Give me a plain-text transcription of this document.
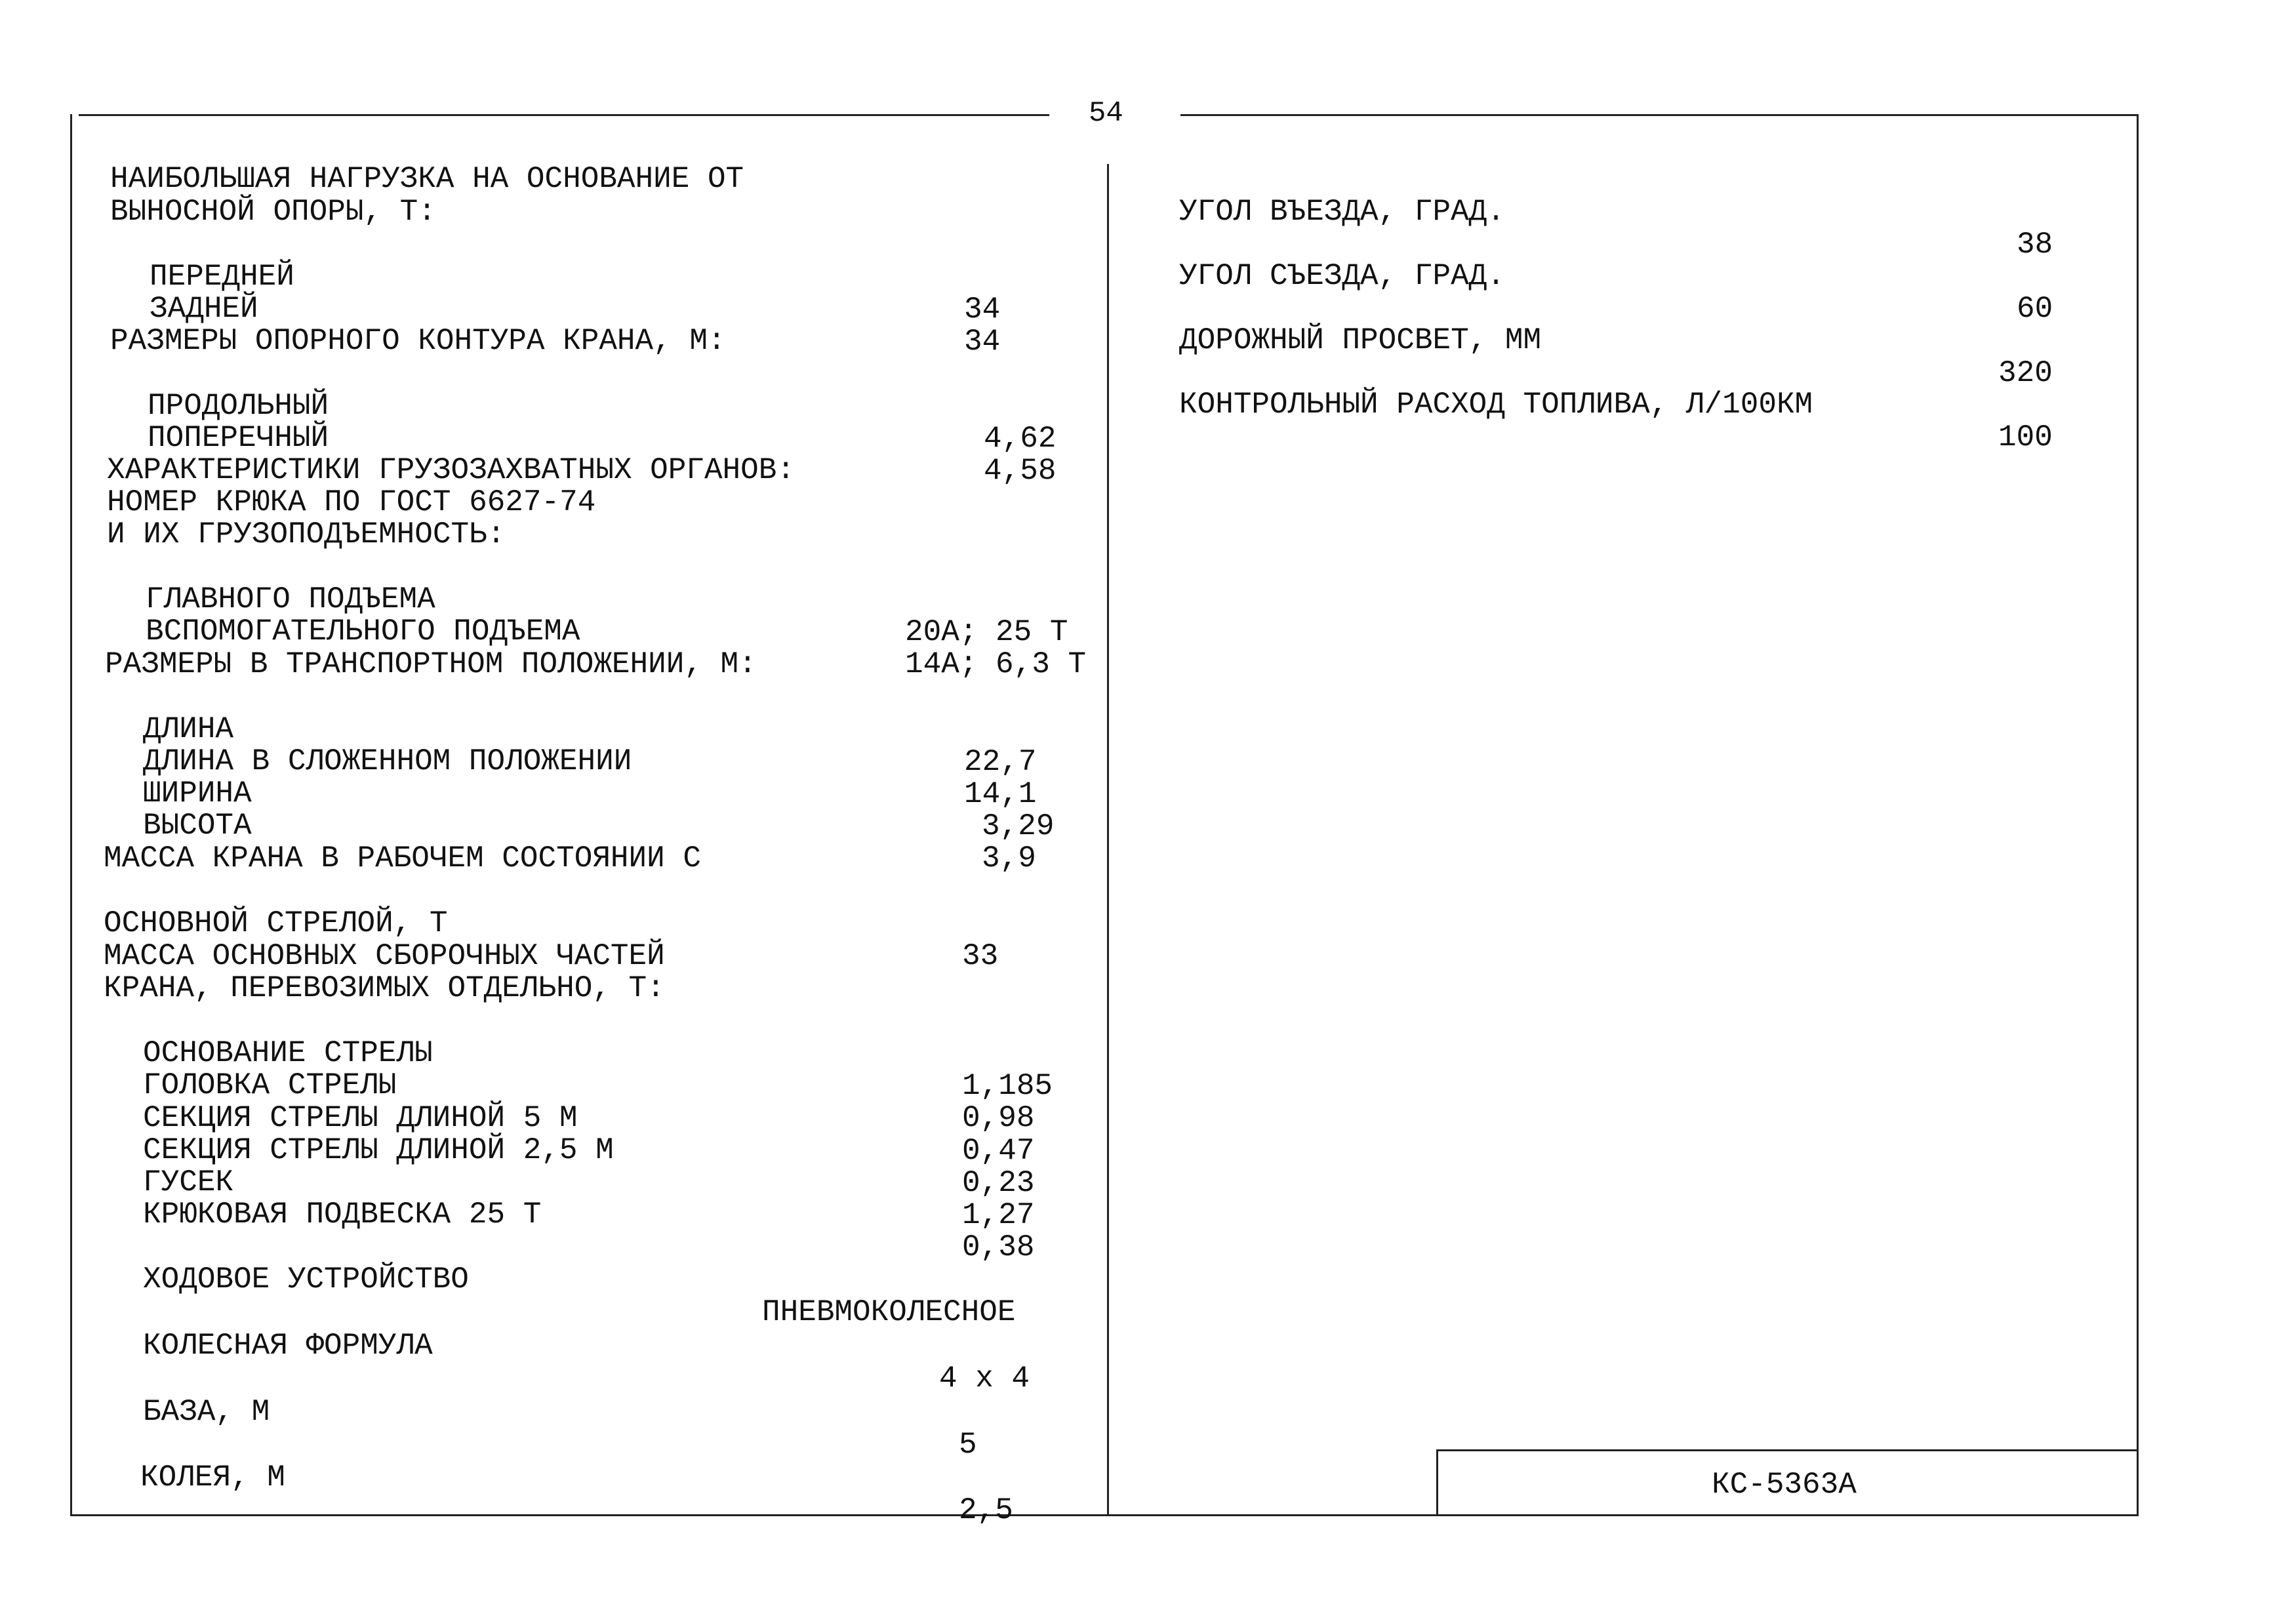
54
КС-5363А
НАИБОЛЬШАЯ НАГРУЗКА НА ОСНОВАНИЕ ОТ
ВЫНОСНОЙ ОПОРЫ, Т:

ПЕРЕДНЕЙ

34

ЗАДНЕЙ

34

РАЗМЕРЫ ОПОРНОГО КОНТУРА КРАНА, М:

ПРОДОЛЬНЫЙ

4,62

ПОПЕРЕЧНЫЙ

4,58

ХАРАКТЕРИСТИКИ ГРУЗОЗАХВАТНЫХ ОРГАНОВ:
НОМЕР КРЮКА ПО ГОСТ 6627-74
И ИХ ГРУЗОПОДЪЕМНОСТЬ:

ГЛАВНОГО ПОДЪЕМА

20А; 25 Т

ВСПОМОГАТЕЛЬНОГО ПОДЪЕМА

14А; 6,3 Т

РАЗМЕРЫ В ТРАНСПОРТНОМ ПОЛОЖЕНИИ, М:

ДЛИНА

22,7

ДЛИНА В СЛОЖЕННОМ ПОЛОЖЕНИИ

14,1

ШИРИНА

3,29

ВЫСОТА

3,9

МАССА КРАНА В РАБОЧЕМ СОСТОЯНИИ С

ОСНОВНОЙ СТРЕЛОЙ, Т

33

МАССА ОСНОВНЫХ СБОРОЧНЫХ ЧАСТЕЙ
КРАНА, ПЕРЕВОЗИМЫХ ОТДЕЛЬНО, Т:

ОСНОВАНИЕ СТРЕЛЫ

1,185

ГОЛОВКА СТРЕЛЫ

0,98

СЕКЦИЯ СТРЕЛЫ ДЛИНОЙ 5 М

0,47

СЕКЦИЯ СТРЕЛЫ ДЛИНОЙ 2,5 М

0,23

ГУСЕК

1,27

КРЮКОВАЯ ПОДВЕСКА 25 Т

0,38

ХОДОВОЕ УСТРОЙСТВО

ПНЕВМОКОЛЕСНОЕ

КОЛЕСНАЯ ФОРМУЛА

4 х 4

БАЗА, М

5

КОЛЕЯ, М

2,5

УГОЛ ВЪЕЗДА, ГРАД.

38

УГОЛ СЪЕЗДА, ГРАД.

60

ДОРОЖНЫЙ ПРОСВЕТ, ММ

320

КОНТРОЛЬНЫЙ РАСХОД ТОПЛИВА, Л/100КМ

100
